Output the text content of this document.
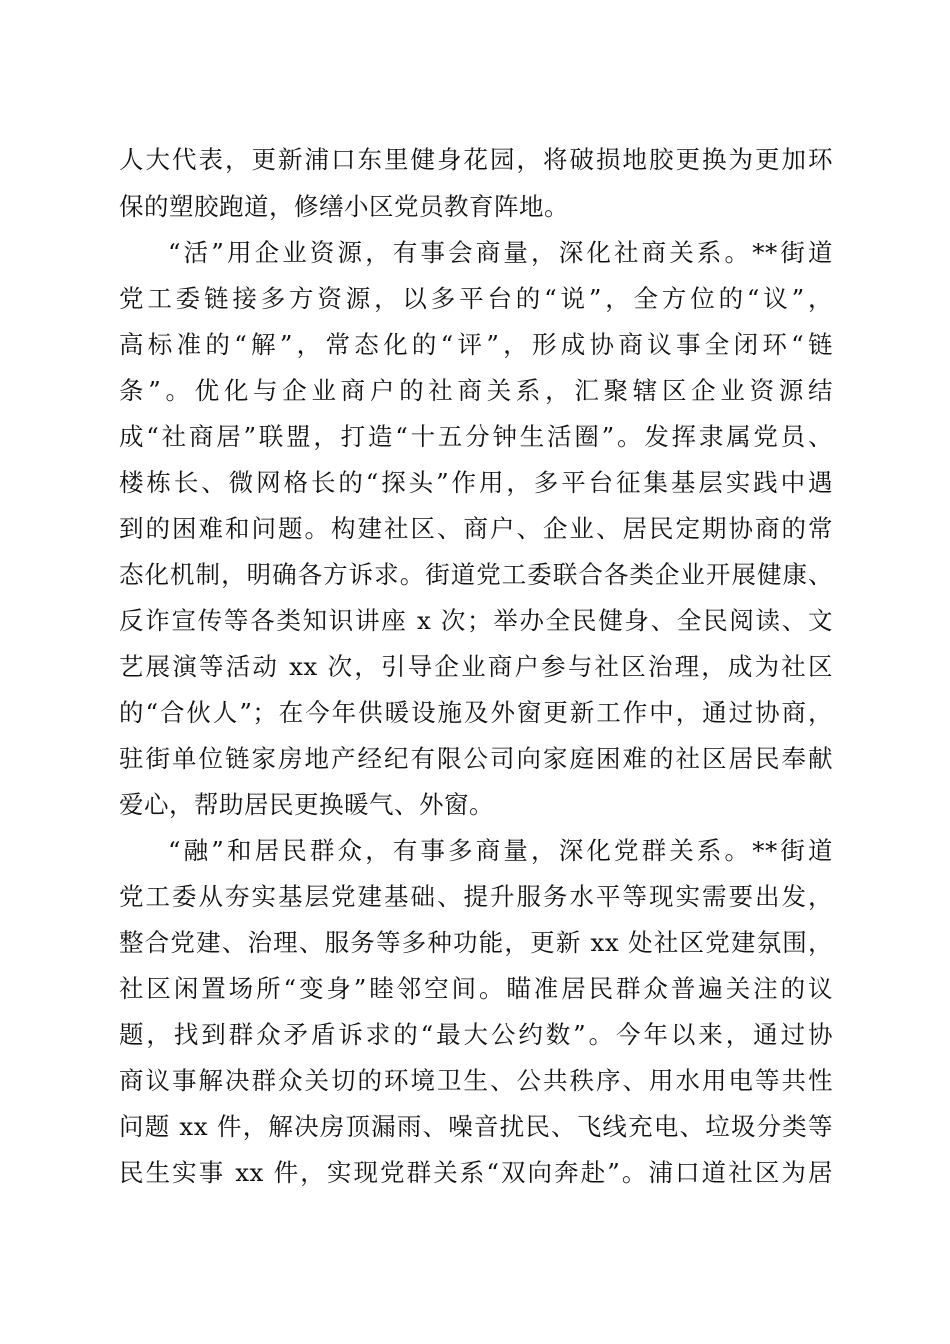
人大代表，更新浦口东里健身花园，将破损地胶更换为更加环
保的塑胶跑道，修缮小区党员教育阵地。
“活”用企业资源，有事会商量，深化社商关系。**街道
党工委链接多方资源，以多平台的“说”，全方位的“议”，
高标准的“解”，常态化的“评”，形成协商议事全闭环“链
条”。优化与企业商户的社商关系，汇聚辖区企业资源结
成“社商居”联盟，打造“十五分钟生活圈”。发挥隶属党员、
楼栋长、微网格长的“探头”作用，多平台征集基层实践中遇
到的困难和问题。构建社区、商户、企业、居民定期协商的常
态化机制，明确各方诉求。街道党工委联合各类企业开展健康、
反诈宣传等各类知识讲座 x 次；举办全民健身、全民阅读、文
艺展演等活动 xx 次，引导企业商户参与社区治理，成为社区
的“合伙人”；在今年供暖设施及外窗更新工作中，通过协商，
驻街单位链家房地产经纪有限公司向家庭困难的社区居民奉献
爱心，帮助居民更换暖气、外窗。
“融”和居民群众，有事多商量，深化党群关系。**街道
党工委从夯实基层党建基础、提升服务水平等现实需要出发，
整合党建、治理、服务等多种功能，更新 xx 处社区党建氛围，
社区闲置场所“变身”睦邻空间。瞄准居民群众普遍关注的议
题，找到群众矛盾诉求的“最大公约数”。今年以来，通过协
商议事解决群众关切的环境卫生、公共秩序、用水用电等共性
问题 xx 件，解决房顶漏雨、噪音扰民、飞线充电、垃圾分类等
民生实事 xx 件，实现党群关系“双向奔赴”。浦口道社区为居
